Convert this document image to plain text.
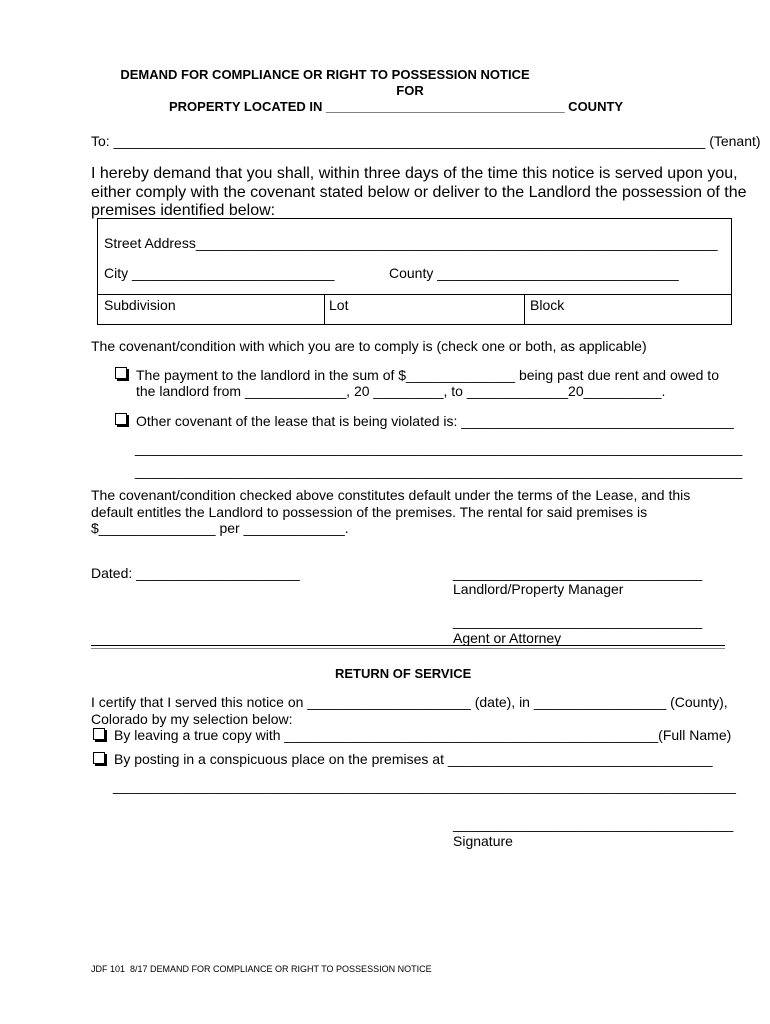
DEMAND FOR COMPLIANCE OR RIGHT TO POSSESSION NOTICE
FOR
PROPERTY LOCATED IN _________________________________ COUNTY
To: ____________________________________________________________________________ (Tenant)
I hereby demand that you shall, within three days of the time this notice is served upon you,
either comply with the covenant stated below or deliver to the Landlord the possession of the
premises identified below:
Street Address___________________________________________________________________
City __________________________	County _______________________________
Subdivision	Lot	Block
The covenant/condition with which you are to comply is (check one or both, as applicable)
The payment to the landlord in the sum of $______________ being past due rent and owed to
the landlord from _____________, 20 _________, to _____________20__________.
Other covenant of the lease that is being violated is: ___________________________________
______________________________________________________________________________
______________________________________________________________________________
The covenant/condition checked above constitutes default under the terms of the Lease, and this
default entitles the Landlord to possession of the premises. The rental for said premises is
$_______________ per _____________.
Dated: _____________________	________________________________
Landlord/Property Manager
________________________________
Agent or Attorney
RETURN OF SERVICE
I certify that I served this notice on _____________________ (date), in _________________ (County),
Colorado by my selection below:
By leaving a true copy with ________________________________________________(Full Name)
By posting in a conspicuous place on the premises at __________________________________
________________________________________________________________________________
____________________________________
Signature
JDF 101  8/17 DEMAND FOR COMPLIANCE OR RIGHT TO POSSESSION NOTICE
